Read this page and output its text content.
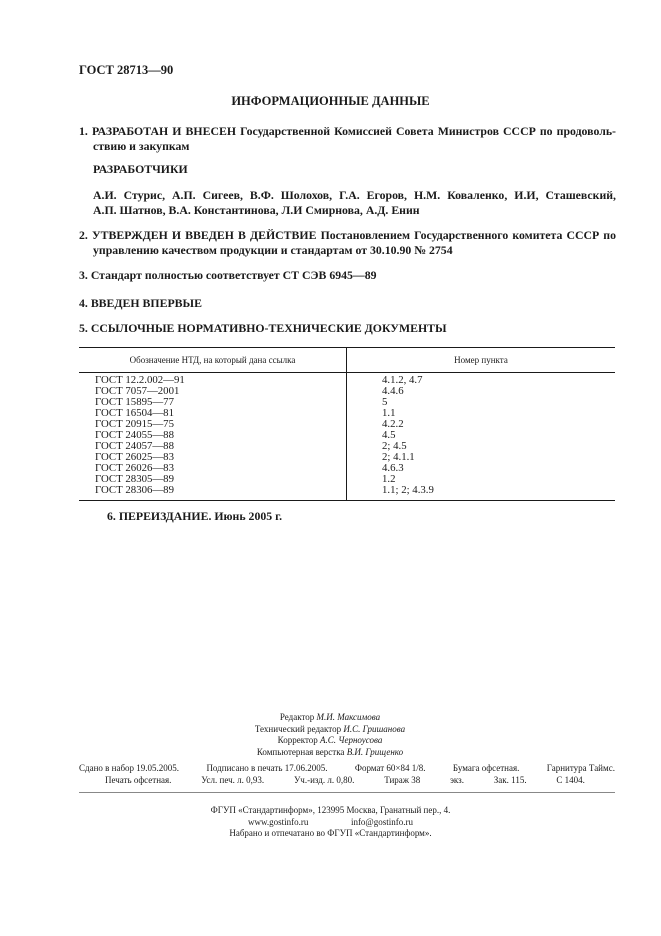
ГОСТ 28713—90
ИНФОРМАЦИОННЫЕ ДАННЫЕ
1. РАЗРАБОТАН И ВНЕСЕН Государственной Комиссией Совета Министров СССР по продоволь-
ствию и закупкам
РАЗРАБОТЧИКИ
А.И. Стурис, А.П. Сигеев, В.Ф. Шолохов, Г.А. Егоров, Н.М. Коваленко, И.И, Сташевский,
А.П. Шатнов, В.А. Константинова, Л.И Смирнова, А.Д. Енин
2. УТВЕРЖДЕН И ВВЕДЕН В ДЕЙСТВИЕ Постановлением Государственного комитета СССР по
управлению качеством продукции и стандартам от 30.10.90 № 2754
3. Стандарт полностью соответствует СТ СЭВ 6945—89
4. ВВЕДЕН ВПЕРВЫЕ
5. ССЫЛОЧНЫЕ НОРМАТИВНО-ТЕХНИЧЕСКИЕ ДОКУМЕНТЫ
Обозначение НТД, на который дана ссылка	Номер пункта
ГОСТ 12.2.002—91	4.1.2, 4.7
ГОСТ 7057—2001	4.4.6
ГОСТ 15895—77	5
ГОСТ 16504—81	1.1
ГОСТ 20915—75	4.2.2
ГОСТ 24055—88	4.5
ГОСТ 24057—88	2; 4.5
ГОСТ 26025—83	2; 4.1.1
ГОСТ 26026—83	4.6.3
ГОСТ 28305—89	1.2
ГОСТ 28306—89	1.1; 2; 4.3.9
6. ПЕРЕИЗДАНИЕ. Июнь 2005 г.
Редактор М.И. Максимова
Технический редактор И.С. Гришанова
Корректор А.С. Черноусова
Компьютерная верстка В.И. Грищенко
Сдано в набор 19.05.2005.	Подписано в печать 17.06.2005.	Формат 60×84 1/8.	Бумага офсетная.	Гарнитура Таймс.
Печать офсетная.	Усл. печ. л. 0,93.	Уч.-изд. л. 0,80.	Тираж 38	экз.	Зак. 115.	С 1404.
ФГУП «Стандартинформ», 123995 Москва, Гранатный пер., 4.
www.gostinfo.ru	info@gostinfo.ru
Набрано и отпечатано во ФГУП «Стандартинформ».
